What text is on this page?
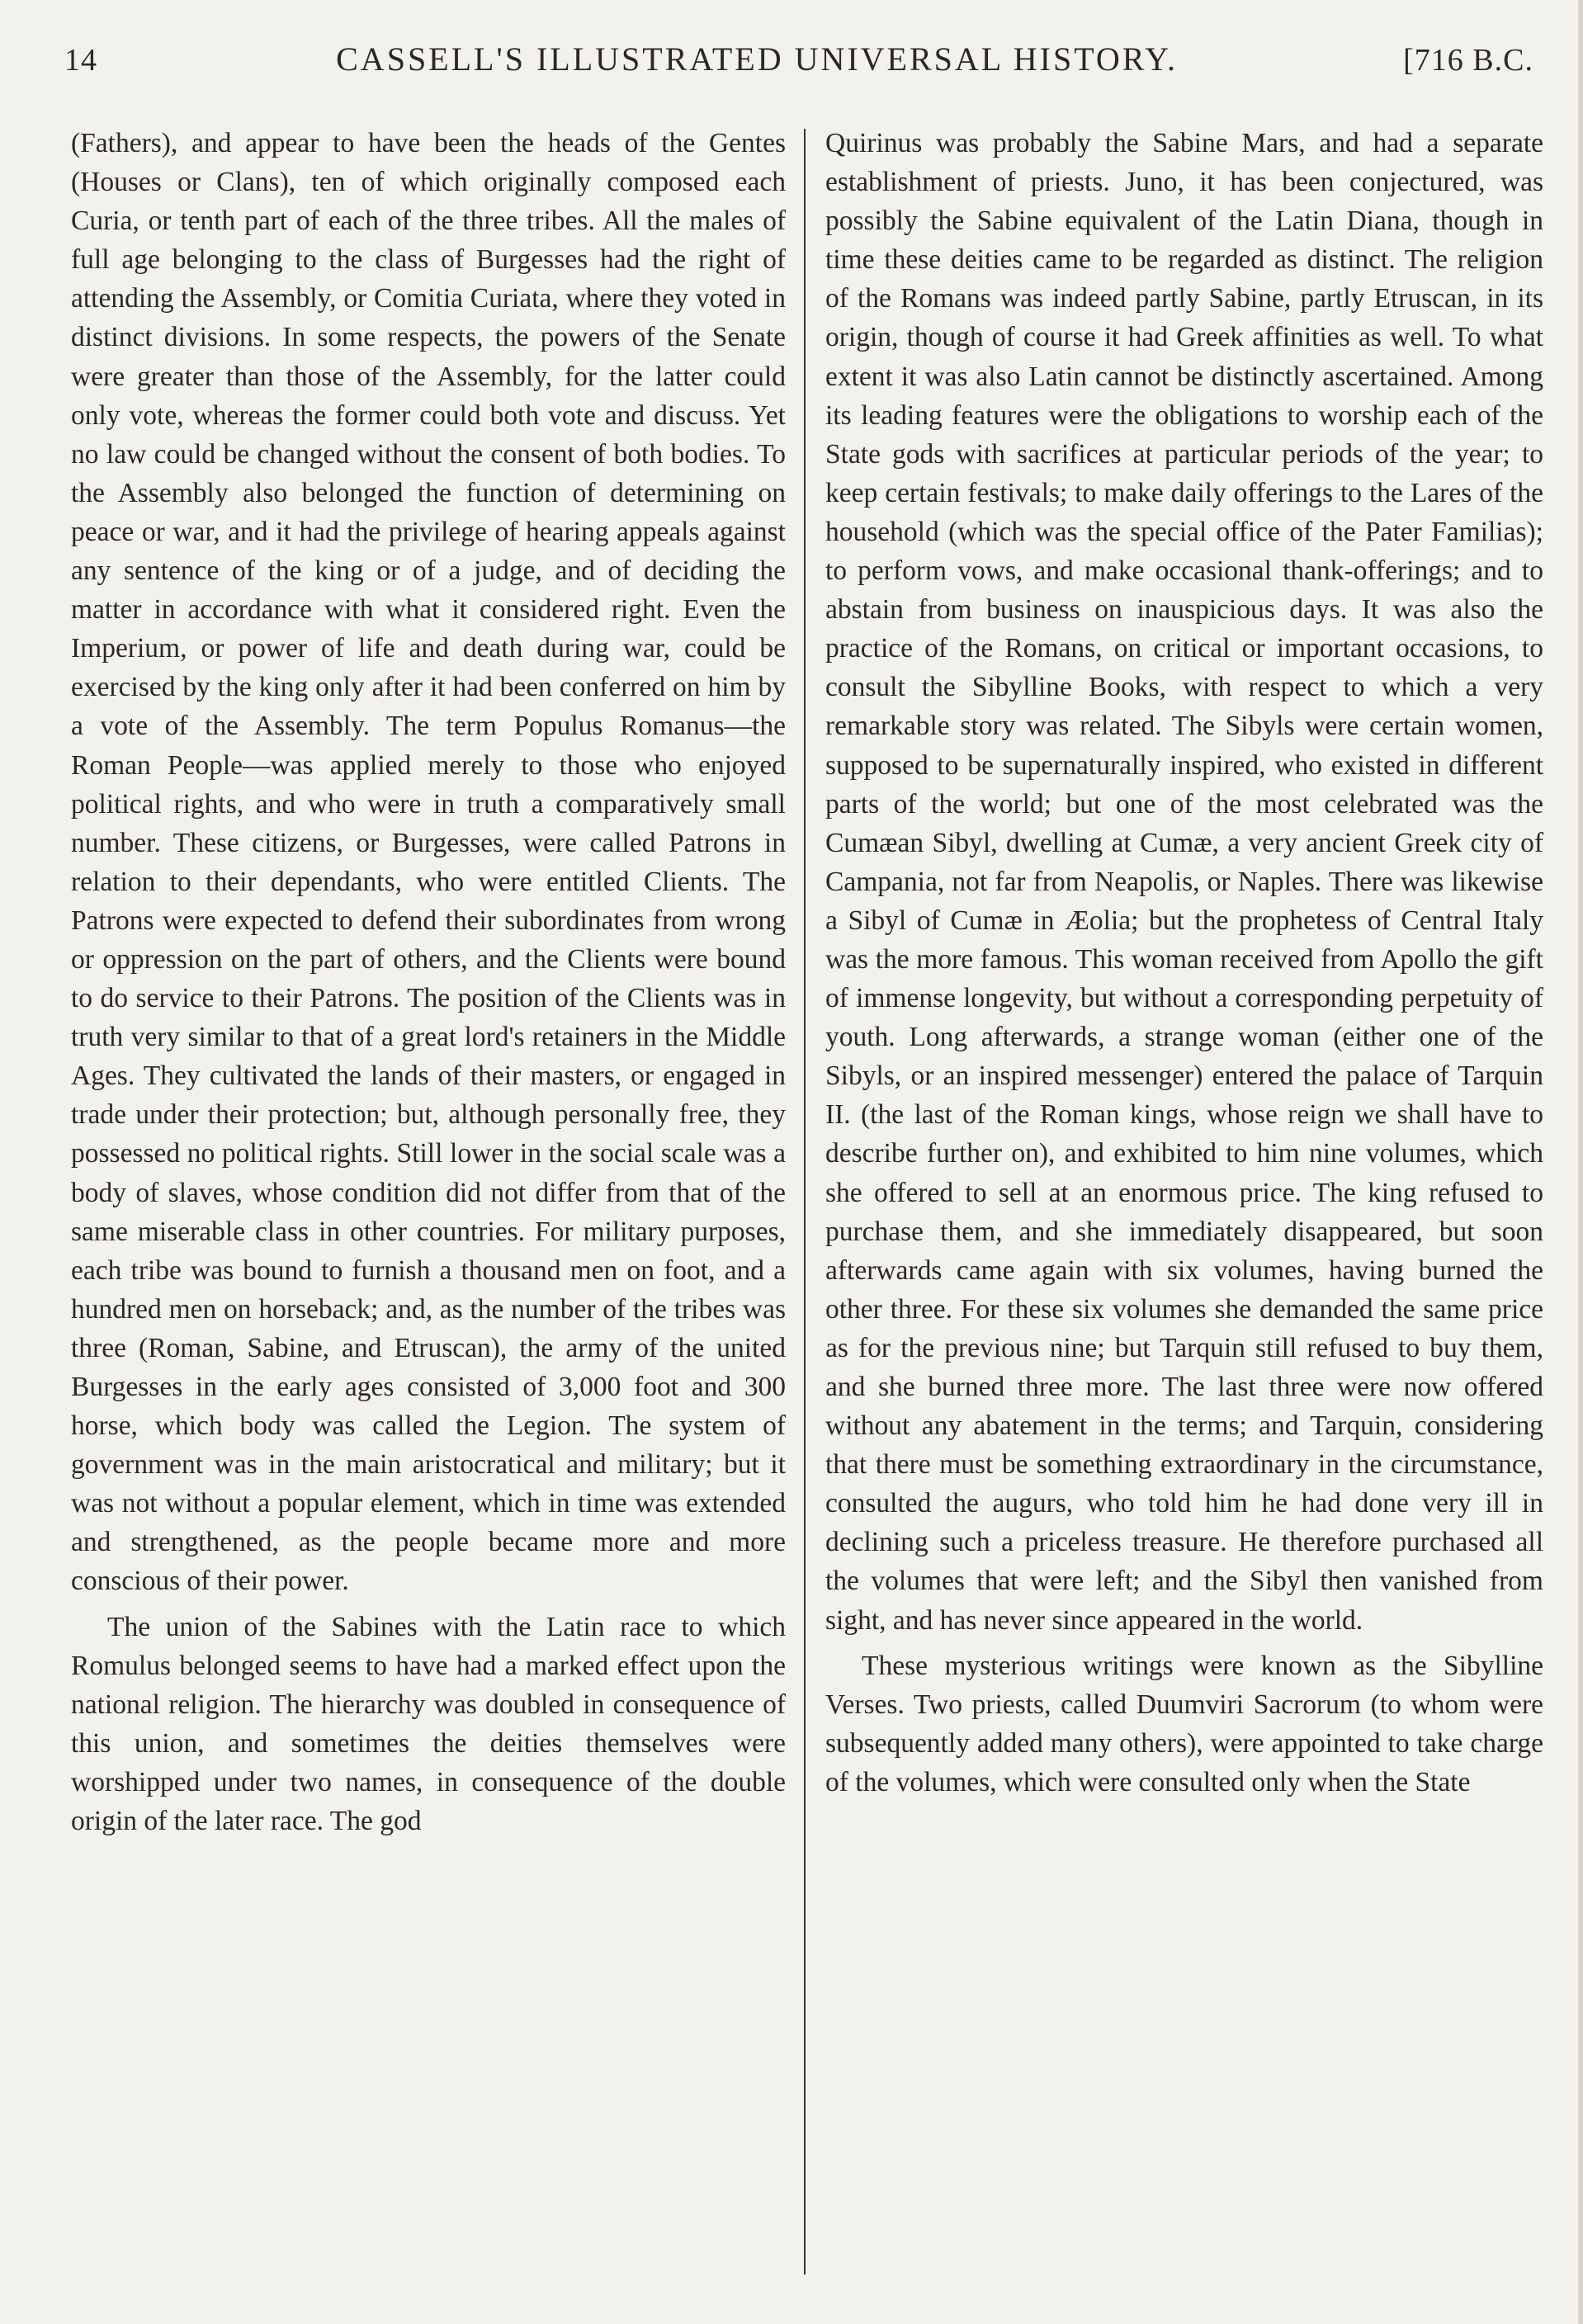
14	CASSELL'S ILLUSTRATED UNIVERSAL HISTORY.	[716 B.C.

(Fathers), and appear to have been the heads of the Gentes (Houses or Clans), ten of which originally composed each Curia, or tenth part of each of the three tribes. All the males of full age belonging to the class of Burgesses had the right of attending the Assembly, or Comitia Curiata, where they voted in distinct divisions. In some respects, the powers of the Senate were greater than those of the Assembly, for the latter could only vote, whereas the former could both vote and discuss. Yet no law could be changed without the consent of both bodies. To the Assembly also belonged the function of determining on peace or war, and it had the privilege of hearing appeals against any sentence of the king or of a judge, and of deciding the matter in accordance with what it considered right. Even the Imperium, or power of life and death during war, could be exercised by the king only after it had been conferred on him by a vote of the Assembly. The term Populus Romanus—the Roman People—was applied merely to those who enjoyed political rights, and who were in truth a comparatively small number. These citizens, or Burgesses, were called Patrons in relation to their dependants, who were entitled Clients. The Patrons were expected to defend their subordinates from wrong or oppression on the part of others, and the Clients were bound to do service to their Patrons. The position of the Clients was in truth very similar to that of a great lord's retainers in the Middle Ages. They cultivated the lands of their masters, or engaged in trade under their protection; but, although personally free, they possessed no political rights. Still lower in the social scale was a body of slaves, whose condition did not differ from that of the same miserable class in other countries. For military purposes, each tribe was bound to furnish a thousand men on foot, and a hundred men on horseback; and, as the number of the tribes was three (Roman, Sabine, and Etruscan), the army of the united Burgesses in the early ages consisted of 3,000 foot and 300 horse, which body was called the Legion. The system of government was in the main aristocratical and military; but it was not without a popular element, which in time was extended and strengthened, as the people became more and more conscious of their power.

The union of the Sabines with the Latin race to which Romulus belonged seems to have had a marked effect upon the national religion. The hierarchy was doubled in consequence of this union, and sometimes the deities themselves were worshipped under two names, in consequence of the double origin of the later race. The god

Quirinus was probably the Sabine Mars, and had a separate establishment of priests. Juno, it has been conjectured, was possibly the Sabine equivalent of the Latin Diana, though in time these deities came to be regarded as distinct. The religion of the Romans was indeed partly Sabine, partly Etruscan, in its origin, though of course it had Greek affinities as well. To what extent it was also Latin cannot be distinctly ascertained. Among its leading features were the obligations to worship each of the State gods with sacrifices at particular periods of the year; to keep certain festivals; to make daily offerings to the Lares of the household (which was the special office of the Pater Familias); to perform vows, and make occasional thank-offerings; and to abstain from business on inauspicious days. It was also the practice of the Romans, on critical or important occasions, to consult the Sibylline Books, with respect to which a very remarkable story was related. The Sibyls were certain women, supposed to be supernaturally inspired, who existed in different parts of the world; but one of the most celebrated was the Cumæan Sibyl, dwelling at Cumæ, a very ancient Greek city of Campania, not far from Neapolis, or Naples. There was likewise a Sibyl of Cumæ in Æolia; but the prophetess of Central Italy was the more famous. This woman received from Apollo the gift of immense longevity, but without a corresponding perpetuity of youth. Long afterwards, a strange woman (either one of the Sibyls, or an inspired messenger) entered the palace of Tarquin II. (the last of the Roman kings, whose reign we shall have to describe further on), and exhibited to him nine volumes, which she offered to sell at an enormous price. The king refused to purchase them, and she immediately disappeared, but soon afterwards came again with six volumes, having burned the other three. For these six volumes she demanded the same price as for the previous nine; but Tarquin still refused to buy them, and she burned three more. The last three were now offered without any abatement in the terms; and Tarquin, considering that there must be something extraordinary in the circumstance, consulted the augurs, who told him he had done very ill in declining such a priceless treasure. He therefore purchased all the volumes that were left; and the Sibyl then vanished from sight, and has never since appeared in the world.

These mysterious writings were known as the Sibylline Verses. Two priests, called Duumviri Sacrorum (to whom were subsequently added many others), were appointed to take charge of the volumes, which were consulted only when the State
